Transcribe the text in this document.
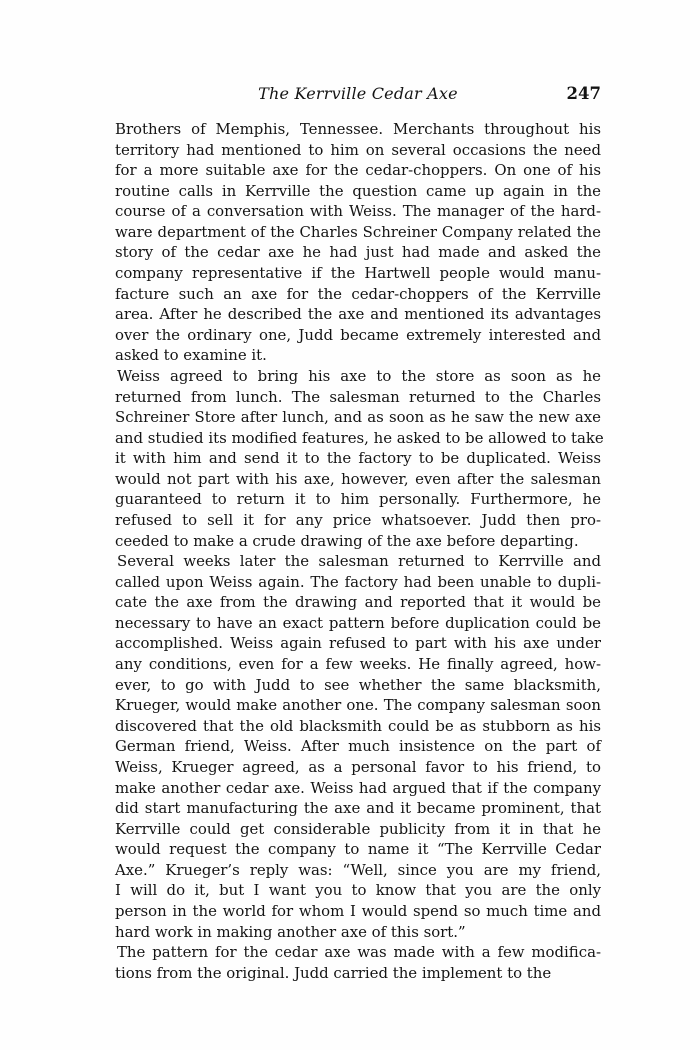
The Kerrville Cedar Axe	247
Brothers of Memphis, Tennessee. Merchants throughout his
territory had mentioned to him on several occasions the need
for a more suitable axe for the cedar-choppers. On one of his
routine calls in Kerrville the question came up again in the
course of a conversation with Weiss. The manager of the hard-
ware department of the Charles Schreiner Company related the
story of the cedar axe he had just had made and asked the
company representative if the Hartwell people would manu-
facture such an axe for the cedar-choppers of the Kerrville
area. After he described the axe and mentioned its advantages
over the ordinary one, Judd became extremely interested and
asked to examine it.
Weiss agreed to bring his axe to the store as soon as he
returned from lunch. The salesman returned to the Charles
Schreiner Store after lunch, and as soon as he saw the new axe
and studied its modified features, he asked to be allowed to take
it with him and send it to the factory to be duplicated. Weiss
would not part with his axe, however, even after the salesman
guaranteed to return it to him personally. Furthermore, he
refused to sell it for any price whatsoever. Judd then pro-
ceeded to make a crude drawing of the axe before departing.
Several weeks later the salesman returned to Kerrville and
called upon Weiss again. The factory had been unable to dupli-
cate the axe from the drawing and reported that it would be
necessary to have an exact pattern before duplication could be
accomplished. Weiss again refused to part with his axe under
any conditions, even for a few weeks. He finally agreed, how-
ever, to go with Judd to see whether the same blacksmith,
Krueger, would make another one. The company salesman soon
discovered that the old blacksmith could be as stubborn as his
German friend, Weiss. After much insistence on the part of
Weiss, Krueger agreed, as a personal favor to his friend, to
make another cedar axe. Weiss had argued that if the company
did start manufacturing the axe and it became prominent, that
Kerrville could get considerable publicity from it in that he
would request the company to name it “The Kerrville Cedar
Axe.” Krueger’s reply was: “Well, since you are my friend,
I will do it, but I want you to know that you are the only
person in the world for whom I would spend so much time and
hard work in making another axe of this sort.”
The pattern for the cedar axe was made with a few modifica-
tions from the original. Judd carried the implement to the
